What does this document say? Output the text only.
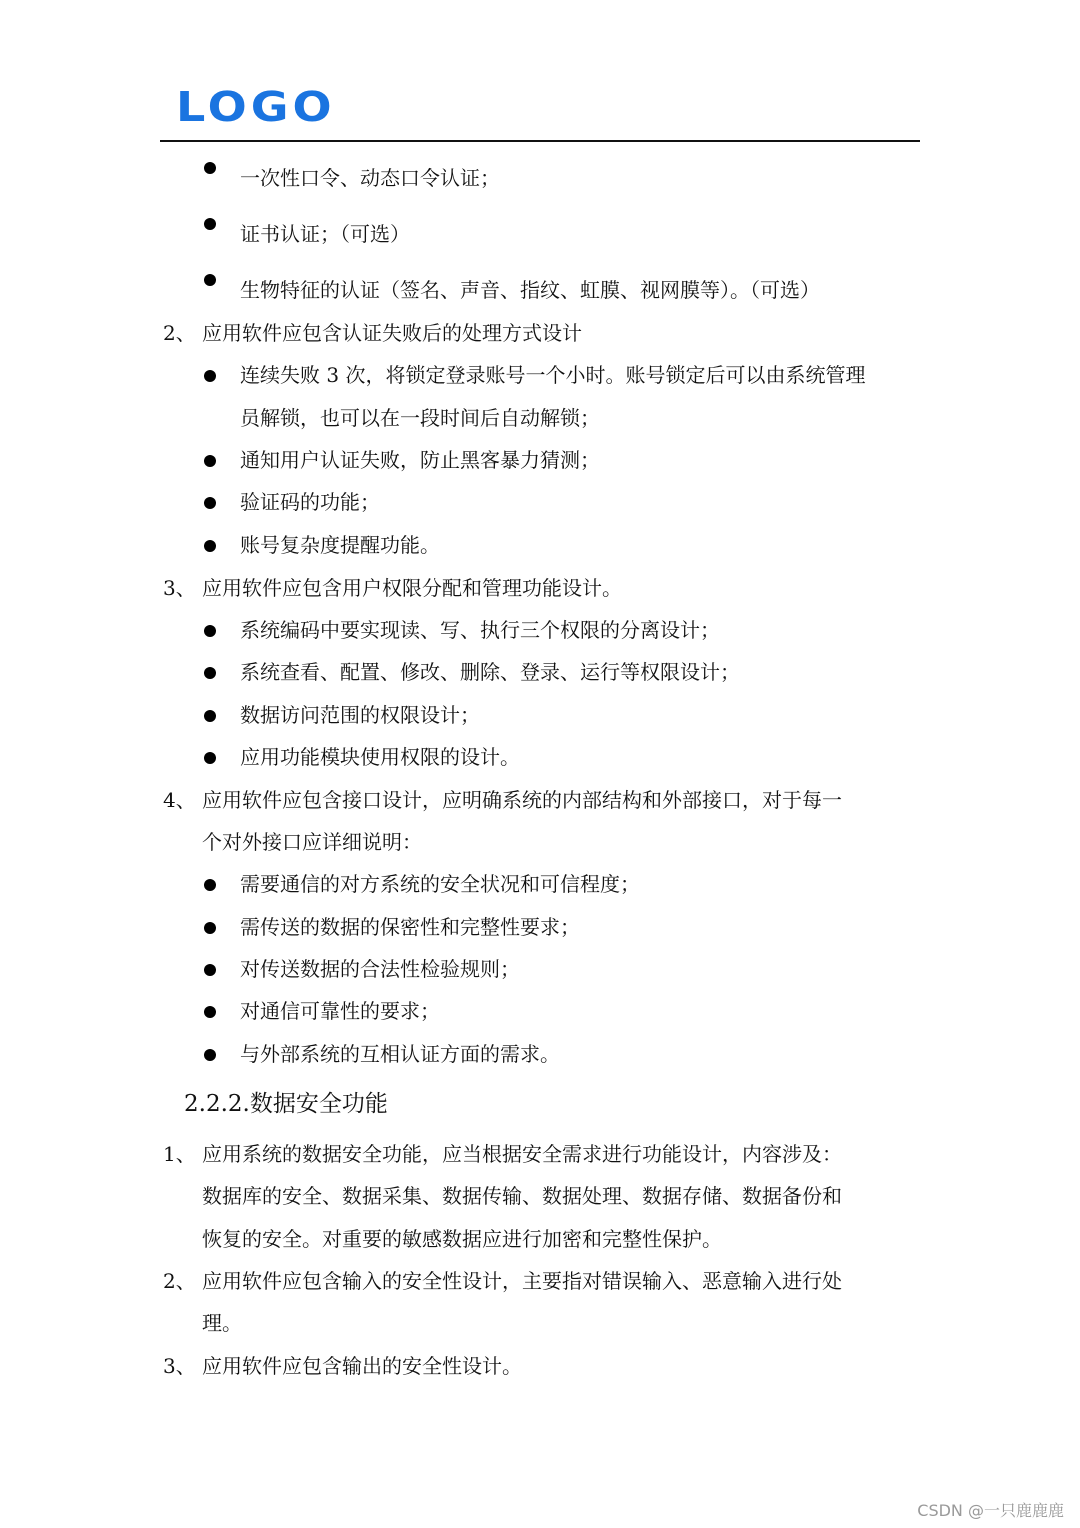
LOGO
一次性口令、动态口令认证；
证书认证；（可选）
生物特征的认证（签名、声音、指纹、虹膜、视网膜等）。（可选）
2、 应用软件应包含认证失败后的处理方式设计
连续失败 3 次，将锁定登录账号一个小时。账号锁定后可以由系统管理
员解锁，也可以在一段时间后自动解锁；
通知用户认证失败，防止黑客暴力猜测；
验证码的功能；
账号复杂度提醒功能。
3、 应用软件应包含用户权限分配和管理功能设计。
系统编码中要实现读、写、执行三个权限的分离设计；
系统查看、配置、修改、删除、登录、运行等权限设计；
数据访问范围的权限设计；
应用功能模块使用权限的设计。
4、 应用软件应包含接口设计，应明确系统的内部结构和外部接口，对于每一
个对外接口应详细说明：
需要通信的对方系统的安全状况和可信程度；
需传送的数据的保密性和完整性要求；
对传送数据的合法性检验规则；
对通信可靠性的要求；
与外部系统的互相认证方面的需求。
2.2.2.数据安全功能
1、 应用系统的数据安全功能，应当根据安全需求进行功能设计，内容涉及：
数据库的安全、数据采集、数据传输、数据处理、数据存储、数据备份和
恢复的安全。对重要的敏感数据应进行加密和完整性保护。
2、 应用软件应包含输入的安全性设计，主要指对错误输入、恶意输入进行处
理。
3、 应用软件应包含输出的安全性设计。
CSDN @一只鹿鹿鹿
